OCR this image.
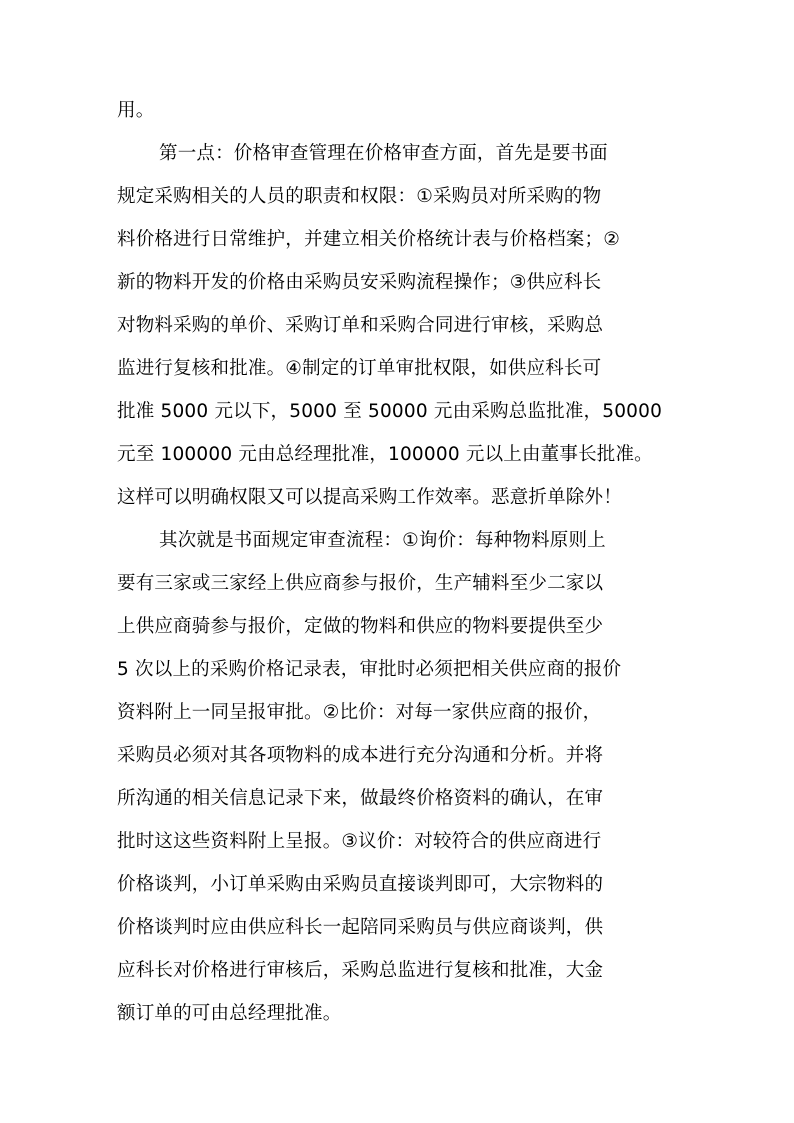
用。
第一点：价格审查管理在价格审查方面，首先是要书面
规定采购相关的人员的职责和权限：①采购员对所采购的物
料价格进行日常维护，并建立相关价格统计表与价格档案；②
新的物料开发的价格由采购员安采购流程操作；③供应科长
对物料采购的单价、采购订单和采购合同进行审核，采购总
监进行复核和批准。④制定的订单审批权限，如供应科长可
批准 5000 元以下，5000 至 50000 元由采购总监批准，50000
元至 100000 元由总经理批准，100000 元以上由董事长批准。
这样可以明确权限又可以提高采购工作效率。恶意折单除外！
其次就是书面规定审查流程：①询价：每种物料原则上
要有三家或三家经上供应商参与报价，生产辅料至少二家以
上供应商骑参与报价，定做的物料和供应的物料要提供至少
5 次以上的采购价格记录表，审批时必须把相关供应商的报价
资料附上一同呈报审批。②比价：对每一家供应商的报价，
采购员必须对其各项物料的成本进行充分沟通和分析。并将
所沟通的相关信息记录下来，做最终价格资料的确认，在审
批时这这些资料附上呈报。③议价：对较符合的供应商进行
价格谈判，小订单采购由采购员直接谈判即可，大宗物料的
价格谈判时应由供应科长一起陪同采购员与供应商谈判，供
应科长对价格进行审核后，采购总监进行复核和批准，大金
额订单的可由总经理批准。
